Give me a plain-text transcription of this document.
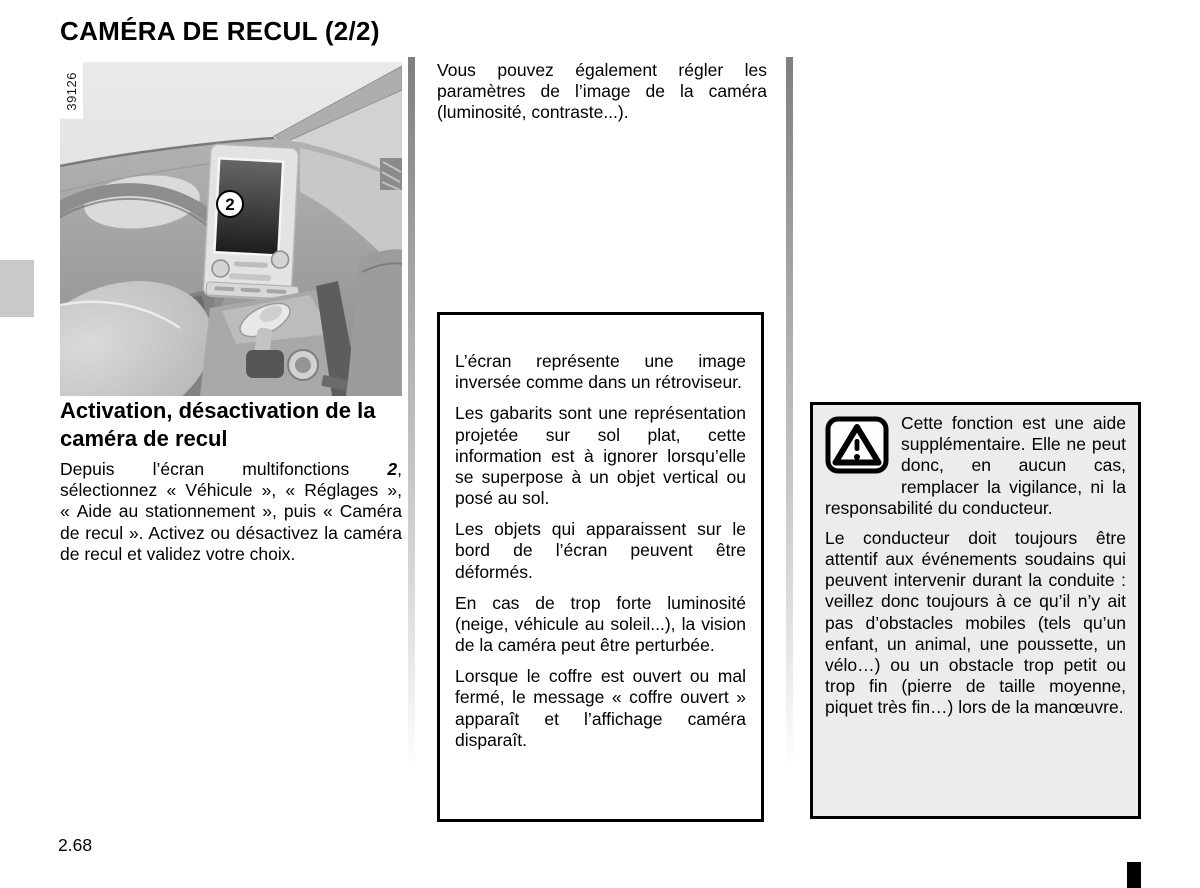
CAMÉRA DE RECUL (2/2)
39126
2
Activation, désactivation de la caméra de recul

Depuis l’écran multifonctions 2, sélectionnez « Véhicule », « Réglages », « Aide au stationnement », puis « Caméra de recul ». Activez ou désactivez la caméra de recul et validez votre choix.

Vous pouvez également régler les paramètres de l’image de la caméra (luminosité, contraste...).

L’écran représente une image inversée comme dans un rétroviseur.

Les gabarits sont une représentation projetée sur sol plat, cette information est à ignorer lorsqu’elle se superpose à un objet vertical ou posé au sol.

Les objets qui apparaissent sur le bord de l’écran peuvent être déformés.

En cas de trop forte luminosité (neige, véhicule au soleil...), la vision de la caméra peut être perturbée.

Lorsque le coffre est ouvert ou mal fermé, le message « coffre ouvert » apparaît et l’affichage caméra disparaît.

Cette fonction est une aide supplémentaire. Elle ne peut donc, en aucun cas, remplacer la vigilance, ni la responsabilité du conducteur.

Le conducteur doit toujours être attentif aux événements soudains qui peuvent intervenir durant la conduite : veillez donc toujours à ce qu’il n’y ait pas d’obstacles mobiles (tels qu’un enfant, un animal, une poussette, un vélo…) ou un obstacle trop petit ou trop fin (pierre de taille moyenne, piquet très fin…) lors de la manœuvre.

2.68
